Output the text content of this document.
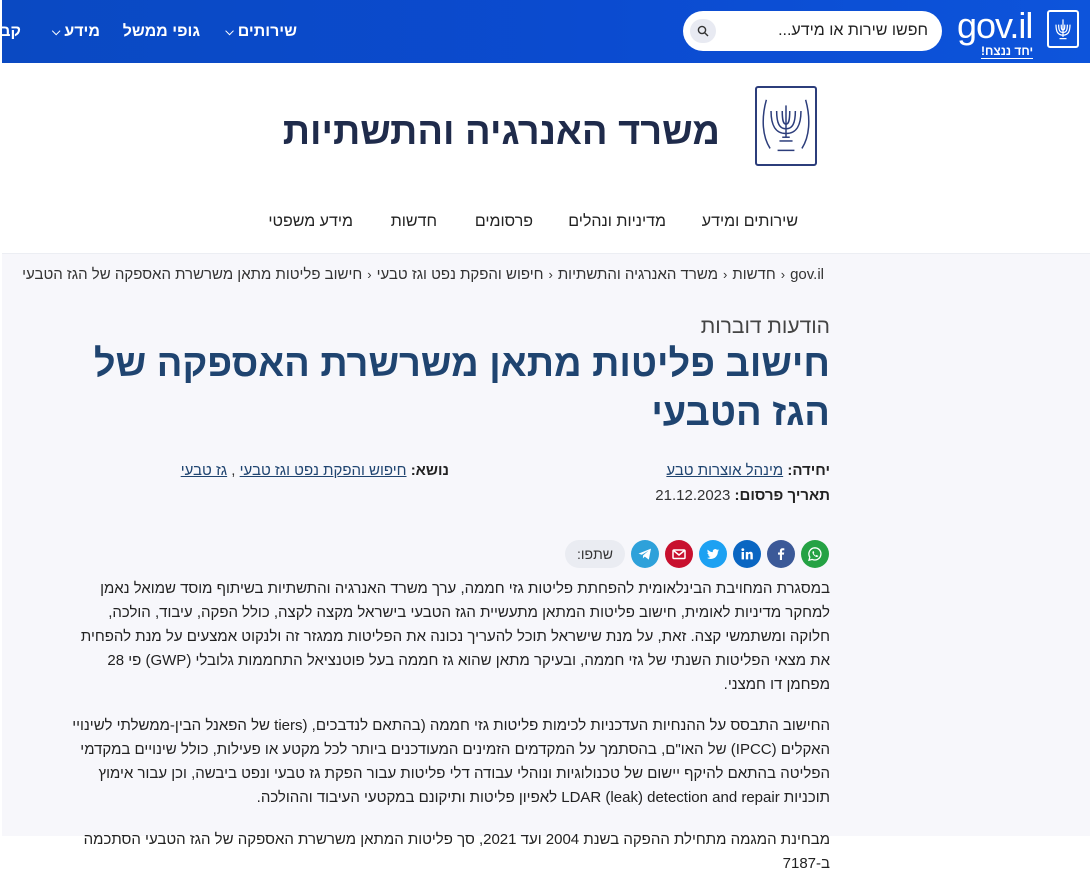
gov.il
יחד ננצח!
חפשו שירות או מידע...
שירותים⌵
גופי ממשל
מידע⌵
קב
משרד האנרגיה והתשתיות
שירותים ומידע
מדיניות ונהלים
פרסומים
חדשות
מידע משפטי
gov.il‹חדשות‹משרד האנרגיה והתשתיות‹חיפוש והפקת נפט וגז טבעי‹חישוב פליטות מתאן משרשרת האספקה של הגז הטבעי
הודעות דוברות
חישוב פליטות מתאן משרשרת האספקה של הגז הטבעי
יחידה: מינהל אוצרות טבע
תאריך פרסום: 21.12.2023
נושא: חיפוש והפקת נפט וגז טבעי , גז טבעי
שתפו:

במסגרת המחויבת הבינלאומית להפחתת פליטות גזי חממה, ערך משרד האנרגיה והתשתיות בשיתוף מוסד שמואל נאמן למחקר מדיניות לאומית, חישוב פליטות המתאן מתעשיית הגז הטבעי בישראל מקצה לקצה, כולל הפקה, עיבוד, הולכה, חלוקה ומשתמשי קצה. זאת, על מנת שישראל תוכל להעריך נכונה את הפליטות ממגזר זה ולנקוט אמצעים על מנת להפחית את מצאי הפליטות השנתי של גזי חממה, ובעיקר מתאן שהוא גז חממה בעל פוטנציאל התחממות גלובלי (GWP) פי 28 מפחמן דו חמצני.

החישוב התבסס על ההנחיות העדכניות לכימות פליטות גזי חממה (בהתאם לנדבכים, (tiers של הפאנל הבין-ממשלתי לשינויי האקלים (IPCC) של האו"ם, בהסתמך על המקדמים הזמינים המעודכנים ביותר לכל מקטע או פעילות, כולל שינויים במקדמי הפליטה בהתאם להיקף יישום של טכנולוגיות ונוהלי עבודה דלי פליטות עבור הפקת גז טבעי ונפט ביבשה, וכן עבור אימוץ תוכניות LDAR (leak) detection and repair לאפיון פליטות ותיקונם במקטעי העיבוד וההולכה.

מבחינת המגמה מתחילת ההפקה בשנת 2004 ועד 2021, סך פליטות המתאן משרשרת האספקה של הגז הטבעי הסתכמה ב-7187
